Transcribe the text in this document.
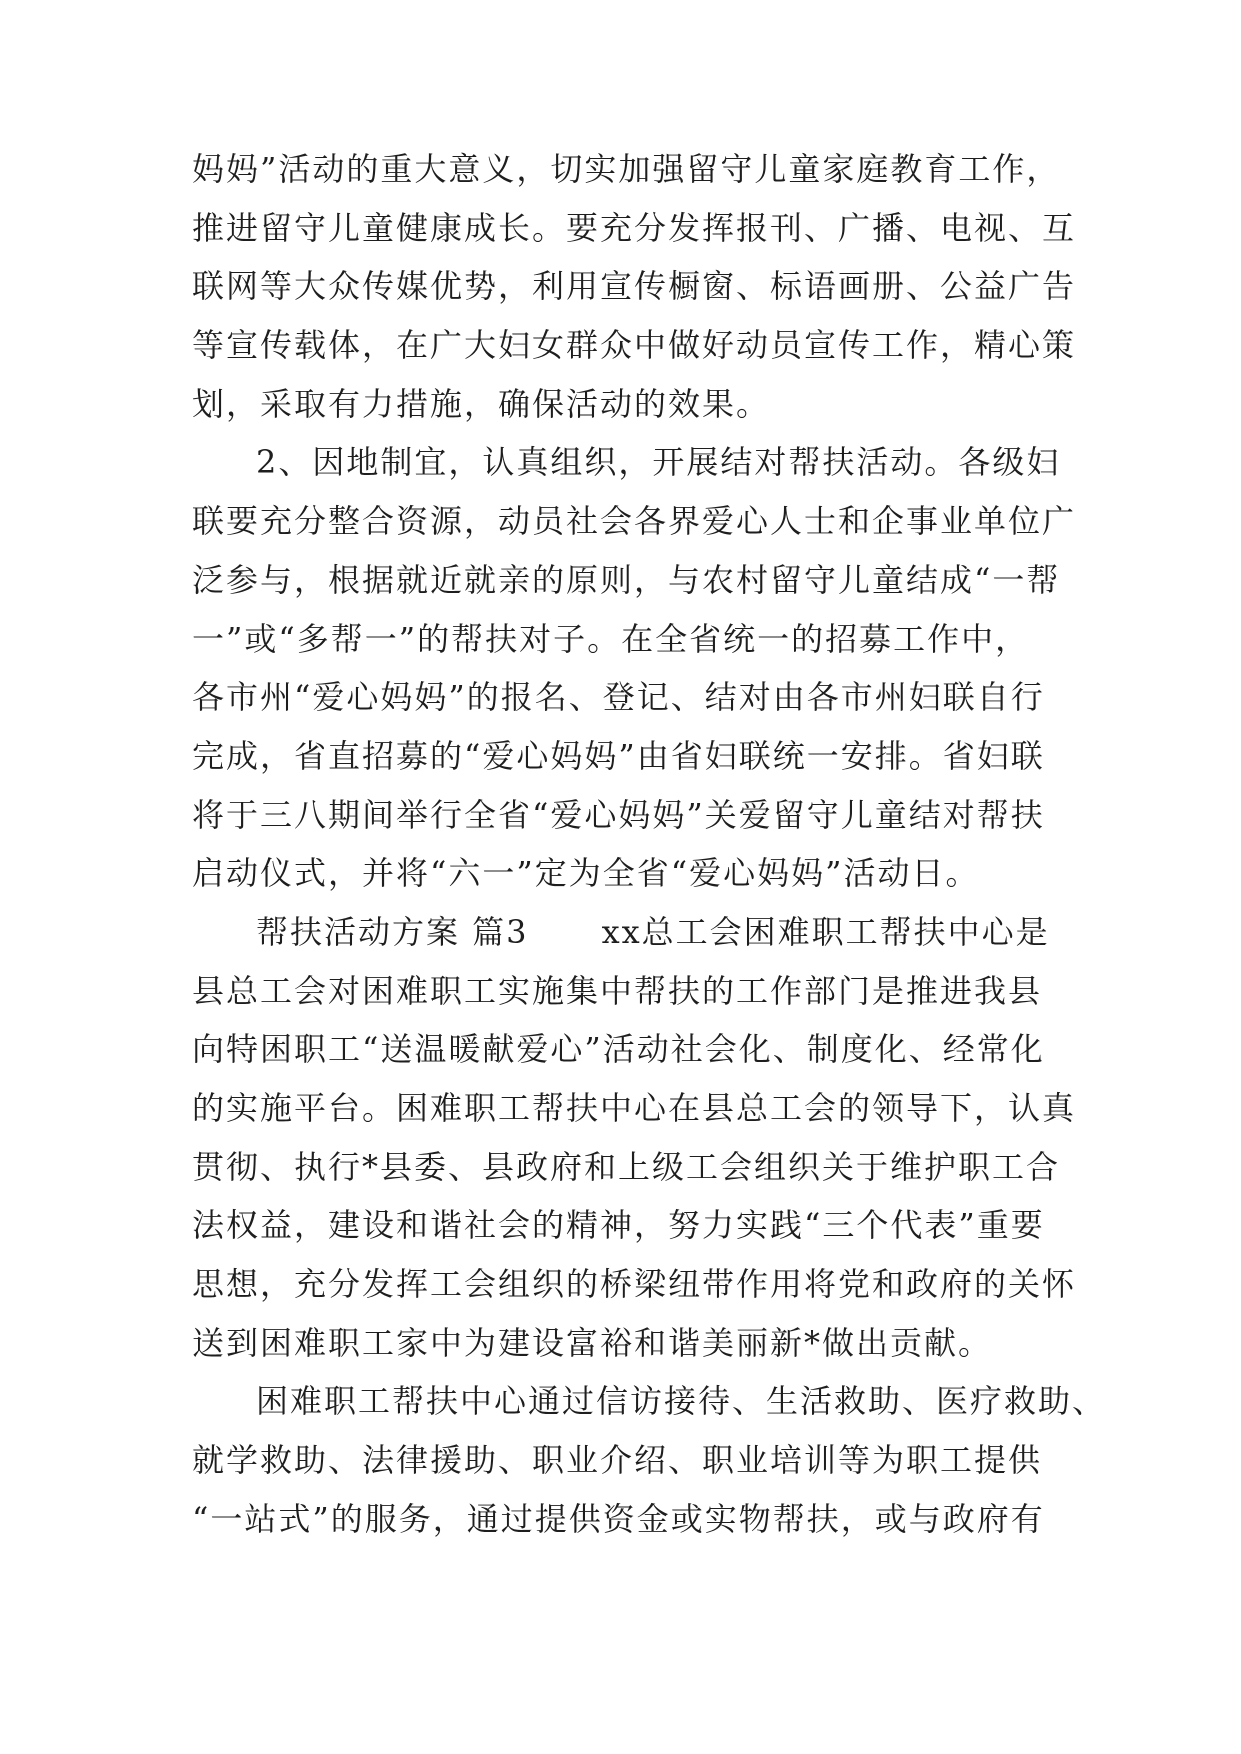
妈妈”活动的重大意义，切实加强留守儿童家庭教育工作，
推进留守儿童健康成长。要充分发挥报刊、广播、电视、互
联网等大众传媒优势，利用宣传橱窗、标语画册、公益广告
等宣传载体，在广大妇女群众中做好动员宣传工作，精心策
划，采取有力措施，确保活动的效果。
2、因地制宜，认真组织，开展结对帮扶活动。各级妇
联要充分整合资源，动员社会各界爱心人士和企事业单位广
泛参与，根据就近就亲的原则，与农村留守儿童结成“一帮
一”或“多帮一”的帮扶对子。在全省统一的招募工作中，
各市州“爱心妈妈”的报名、登记、结对由各市州妇联自行
完成，省直招募的“爱心妈妈”由省妇联统一安排。省妇联
将于三八期间举行全省“爱心妈妈”关爱留守儿童结对帮扶
启动仪式，并将“六一”定为全省“爱心妈妈”活动日。
帮扶活动方案 篇3      xx总工会困难职工帮扶中心是
县总工会对困难职工实施集中帮扶的工作部门是推进我县
向特困职工“送温暖献爱心”活动社会化、制度化、经常化
的实施平台。困难职工帮扶中心在县总工会的领导下，认真
贯彻、执行*县委、县政府和上级工会组织关于维护职工合
法权益，建设和谐社会的精神，努力实践“三个代表”重要
思想，充分发挥工会组织的桥梁纽带作用将党和政府的关怀
送到困难职工家中为建设富裕和谐美丽新*做出贡献。
困难职工帮扶中心通过信访接待、生活救助、医疗救助、
就学救助、法律援助、职业介绍、职业培训等为职工提供
“一站式”的服务，通过提供资金或实物帮扶，或与政府有
